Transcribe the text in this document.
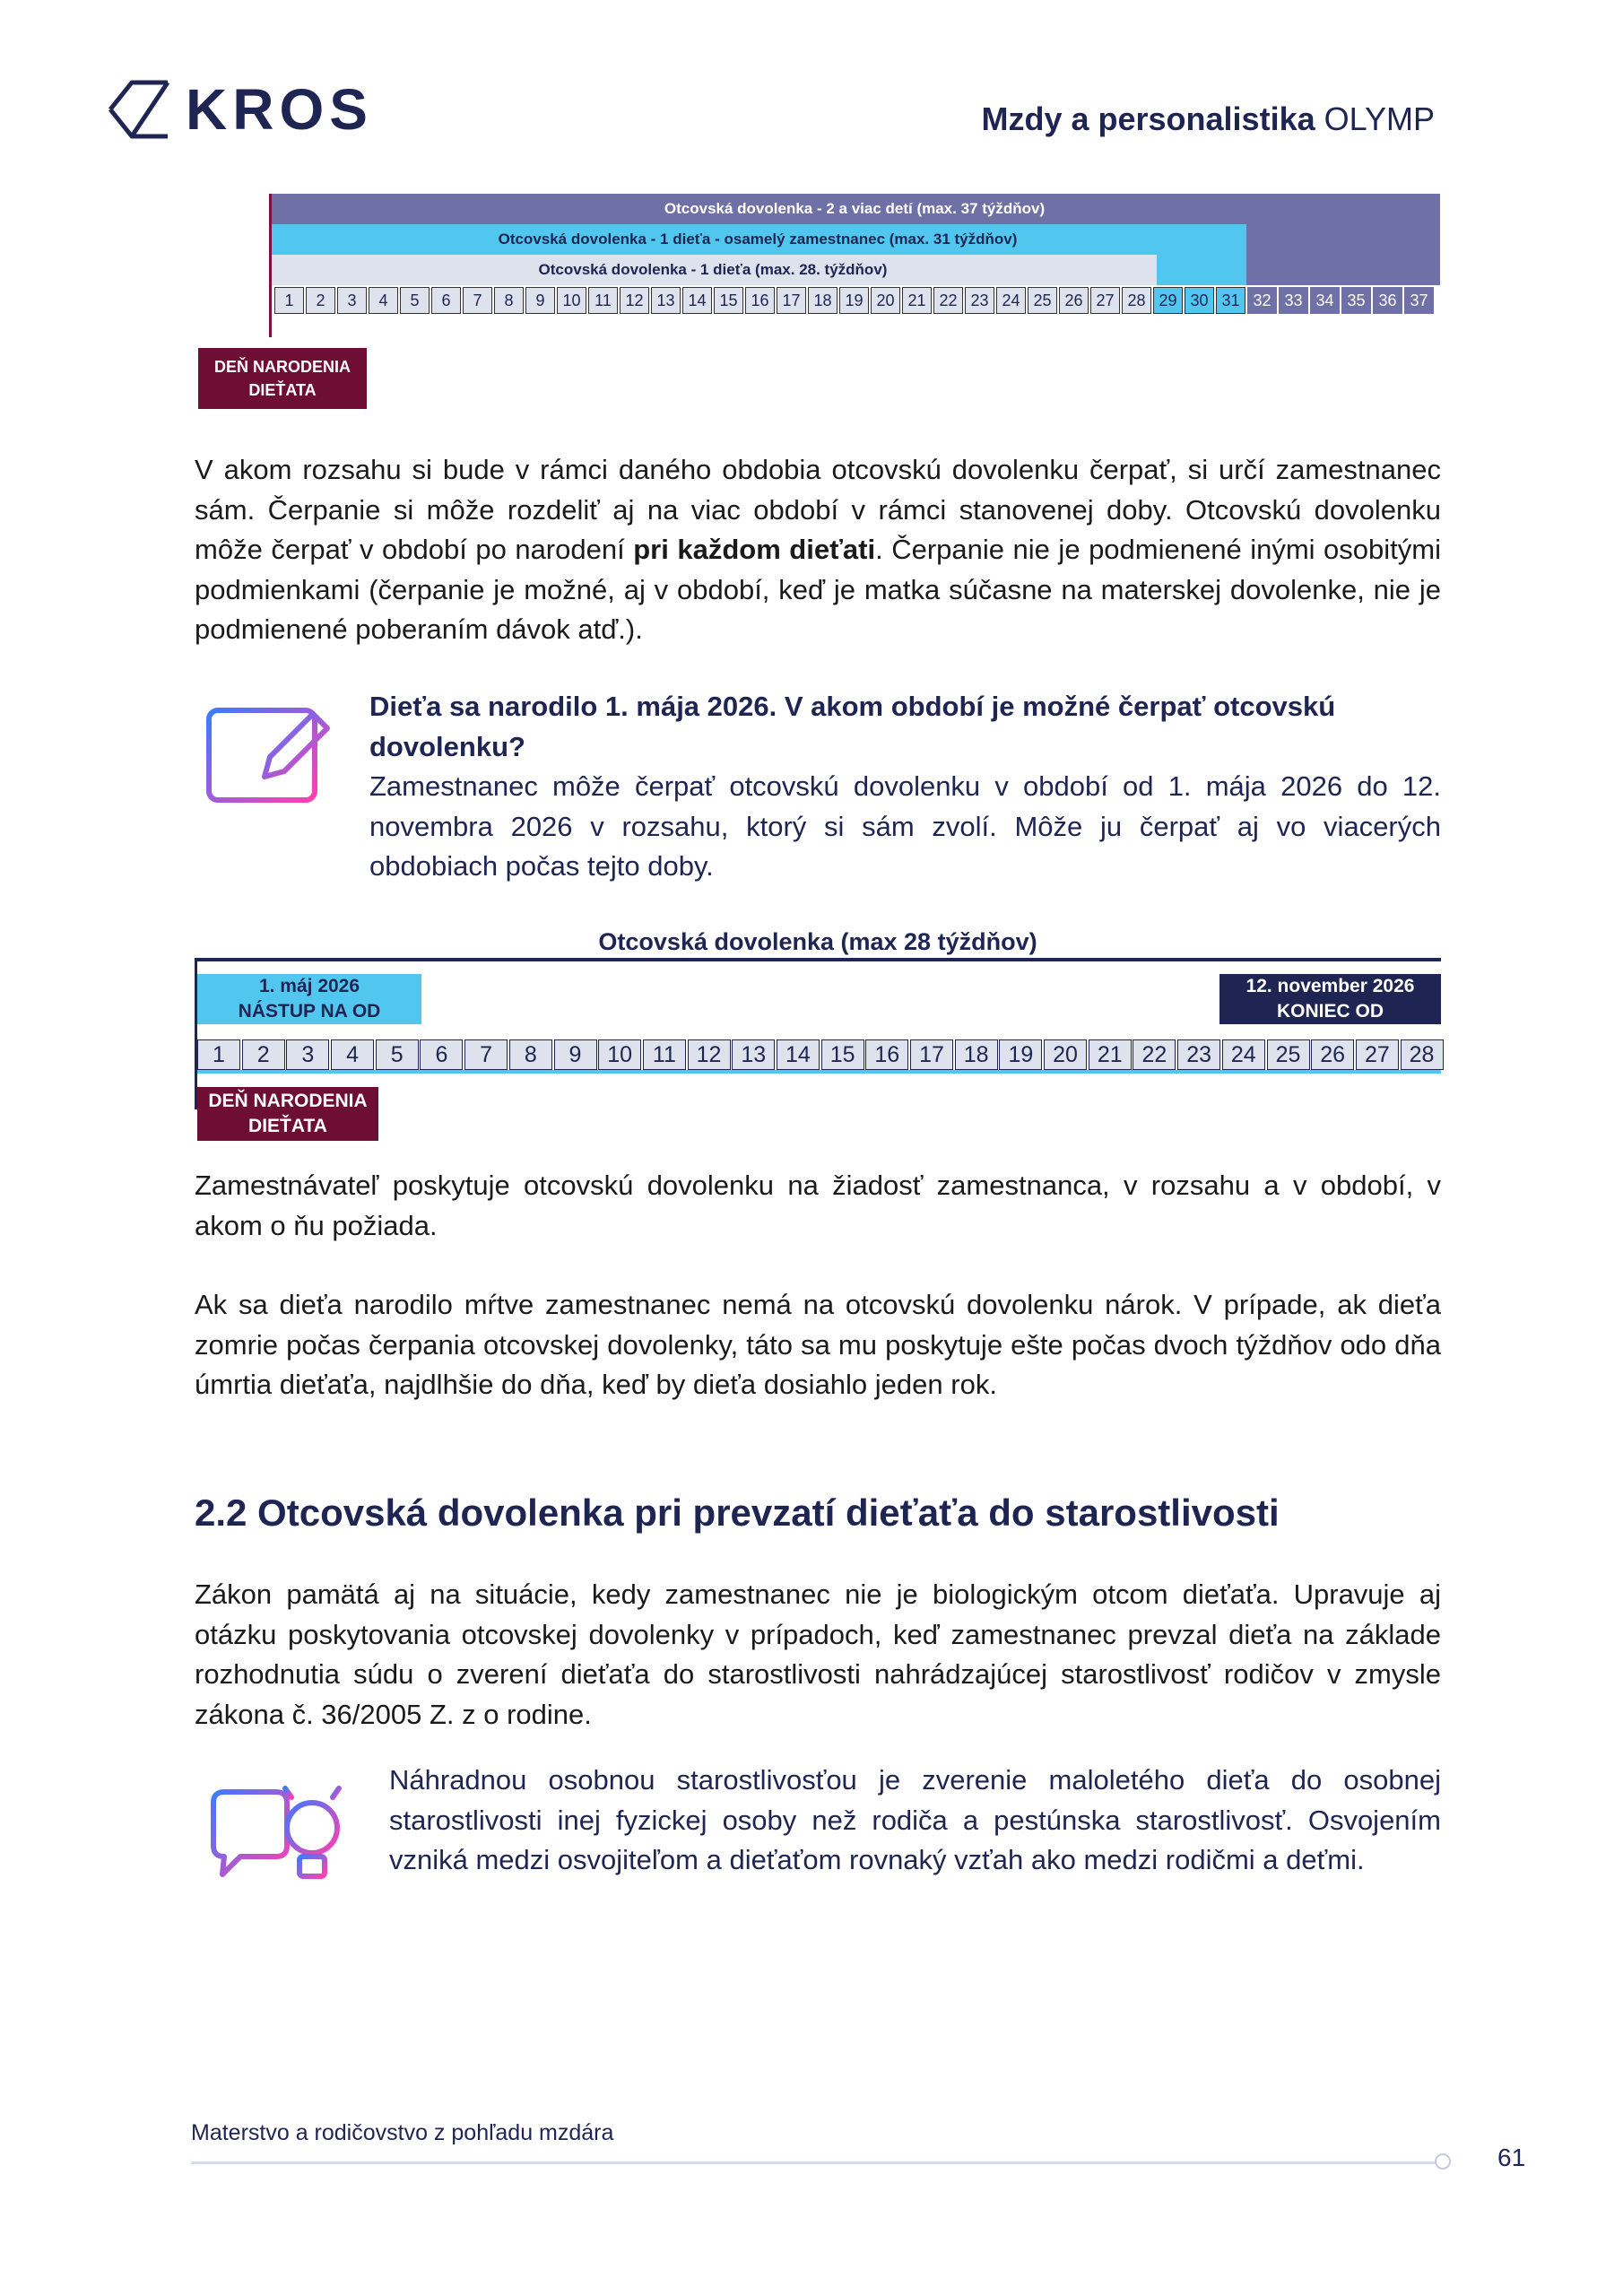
KROS	Mzdy a personalistika OLYMP
Otcovská dovolenka - 2 a viac detí (max. 37 týždňov)
Otcovská dovolenka - 1 dieťa - osamelý zamestnanec (max. 31 týždňov)
Otcovská dovolenka - 1 dieťa (max. 28. týždňov)
1	2	3	4	5	6	7	8	9	10 11 12 13 14 15 16 17 18 19 20 21 22 23 24 25 26 27 28 29 30 31 32 33 34 35 36 37
DEŇ NARODENIA
DIEŤATA
V akom rozsahu si bude v rámci daného obdobia otcovskú dovolenku čerpať, si určí zamestnanec sám. Čerpanie si môže rozdeliť aj na viac období v rámci stanovenej doby. Otcovskú dovolenku môže čerpať v období po narodení pri každom dieťati. Čerpanie nie je podmienené inými osobitými podmienkami (čerpanie je možné, aj v období, keď je matka súčasne na materskej dovolenke, nie je podmienené poberaním dávok atď.).
Dieťa sa narodilo 1. mája 2026. V akom období je možné čerpať otcovskú dovolenku?
Zamestnanec môže čerpať otcovskú dovolenku v období od 1. mája 2026 do 12. novembra 2026 v rozsahu, ktorý si sám zvolí. Môže ju čerpať aj vo viacerých obdobiach počas tejto doby.
Otcovská dovolenka (max 28 týždňov)
1. máj 2026
NÁSTUP NA OD
12. november 2026
KONIEC OD
1	2	3	4	5	6	7	8	9	10 11 12 13 14 15 16 17 18 19 20 21 22 23 24 25 26 27 28
DEŇ NARODENIA
DIEŤATA
Zamestnávateľ poskytuje otcovskú dovolenku na žiadosť zamestnanca, v rozsahu a v období, v akom o ňu požiada.
Ak sa dieťa narodilo mŕtve zamestnanec nemá na otcovskú dovolenku nárok. V prípade, ak dieťa zomrie počas čerpania otcovskej dovolenky, táto sa mu poskytuje ešte počas dvoch týždňov odo dňa úmrtia dieťaťa, najdlhšie do dňa, keď by dieťa dosiahlo jeden rok.
2.2 Otcovská dovolenka pri prevzatí dieťaťa do starostlivosti
Zákon pamätá aj na situácie, kedy zamestnanec nie je biologickým otcom dieťaťa. Upravuje aj otázku poskytovania otcovskej dovolenky v prípadoch, keď zamestnanec prevzal dieťa na základe rozhodnutia súdu o zverení dieťaťa do starostlivosti nahrádzajúcej starostlivosť rodičov v zmysle zákona č. 36/2005 Z. z o rodine.
Náhradnou osobnou starostlivosťou je zverenie maloletého dieťa do osobnej starostlivosti inej fyzickej osoby než rodiča a pestúnska starostlivosť. Osvojením vzniká medzi osvojiteľom a dieťaťom rovnaký vzťah ako medzi rodičmi a deťmi.
Materstvo a rodičovstvo z pohľadu mzdára
61
